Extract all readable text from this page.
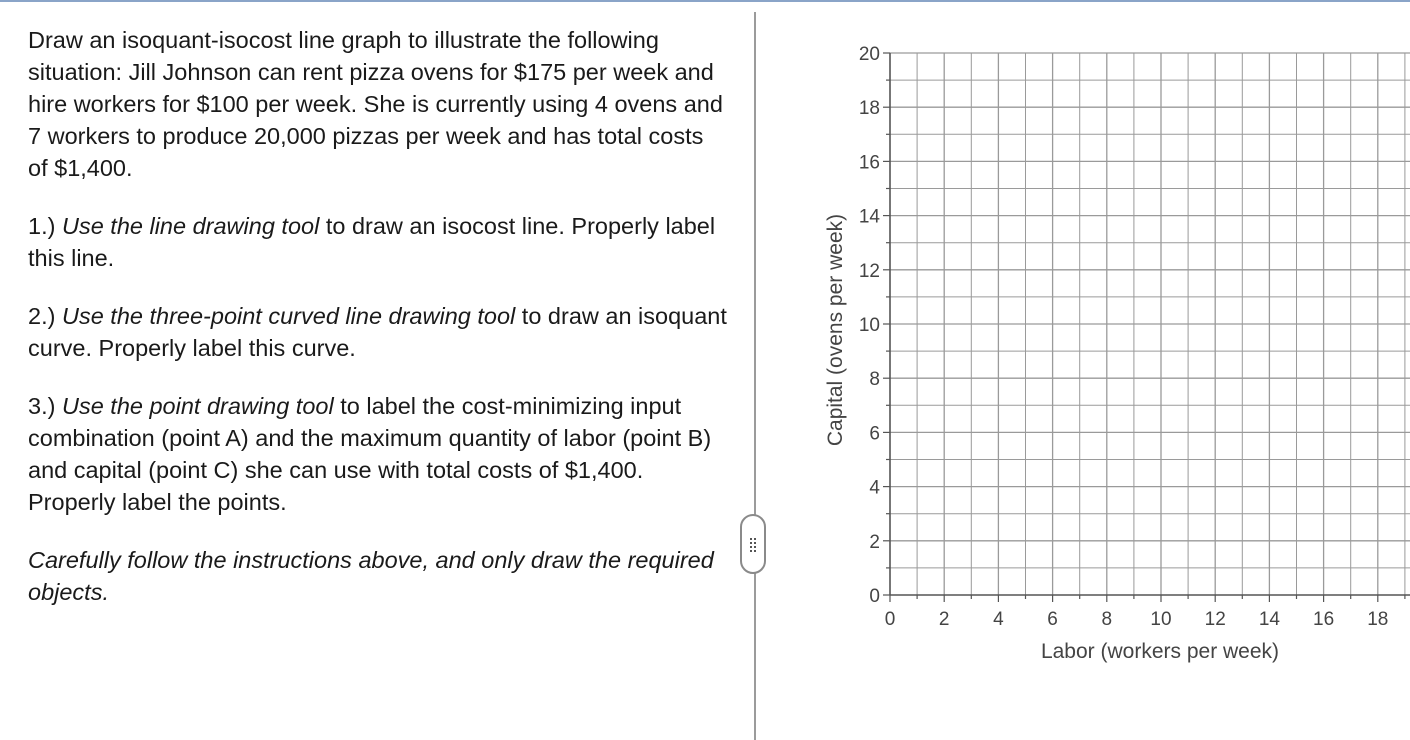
Draw an isoquant-isocost line graph to illustrate the following situation: Jill Johnson can rent pizza ovens for $175 per week and hire workers for $100 per week. She is currently using 4 ovens and 7 workers to produce 20,000 pizzas per week and has total costs of $1,400.

1.) Use the line drawing tool to draw an isocost line. Properly label this line.

2.) Use the three-point curved line drawing tool to draw an isoquant curve. Properly label this curve.

3.) Use the point drawing tool to label the cost-minimizing input combination (point A) and the maximum quantity of labor (point B) and capital (point C) she can use with total costs of $1,400. Properly label the points.

Carefully follow the instructions above, and only draw the required objects.

0 2 4 6 8 10 12 14 16 18
0
2
4
6
8
10
12
14
16
18
20
Labor (workers per week)
Capital (ovens per week)
